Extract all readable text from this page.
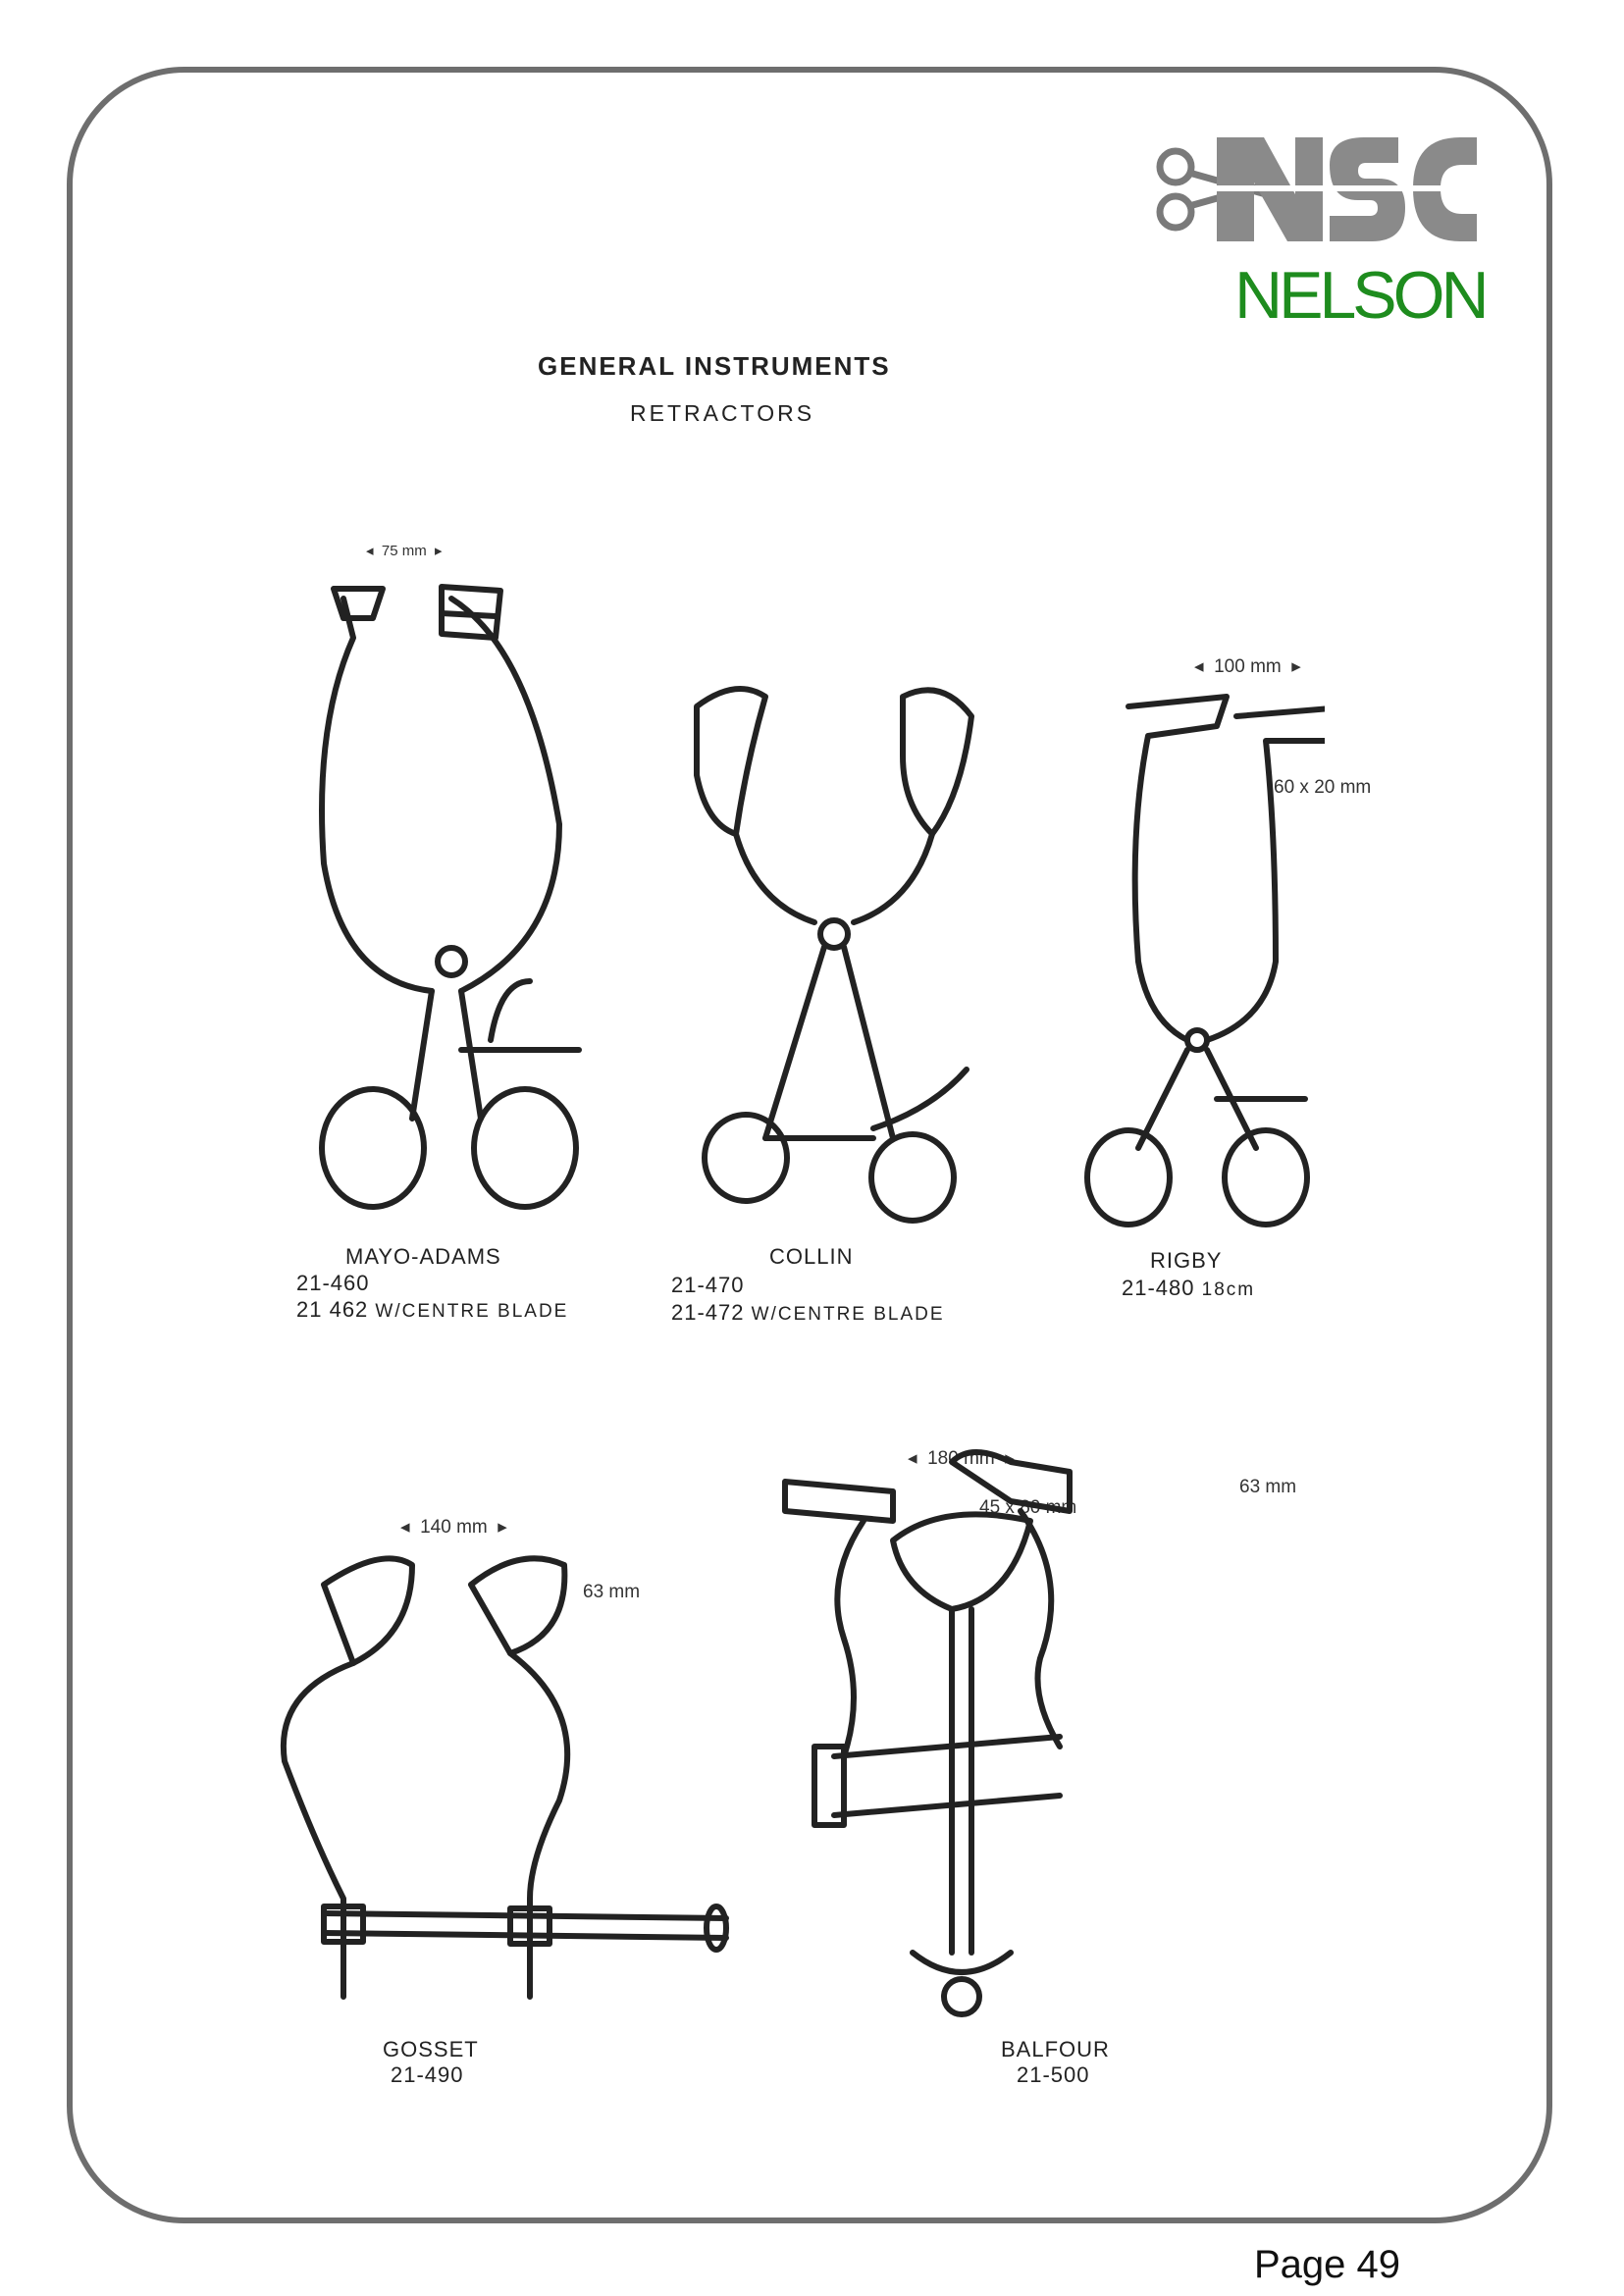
NELSON
GENERAL INSTRUMENTS
RETRACTORS
◂  75 mm  ▸
MAYO-ADAMS
21-460
21 462 W/CENTRE BLADE
COLLIN
21-470
21-472 W/CENTRE BLADE
◂  100 mm  ▸
60 x 20 mm
RIGBY
21-480 18cm
◂  140 mm  ▸
63 mm
GOSSET
21-490
◂  180 mm  ▸
45 x 80 mm
63 mm
BALFOUR
21-500
Page 49
